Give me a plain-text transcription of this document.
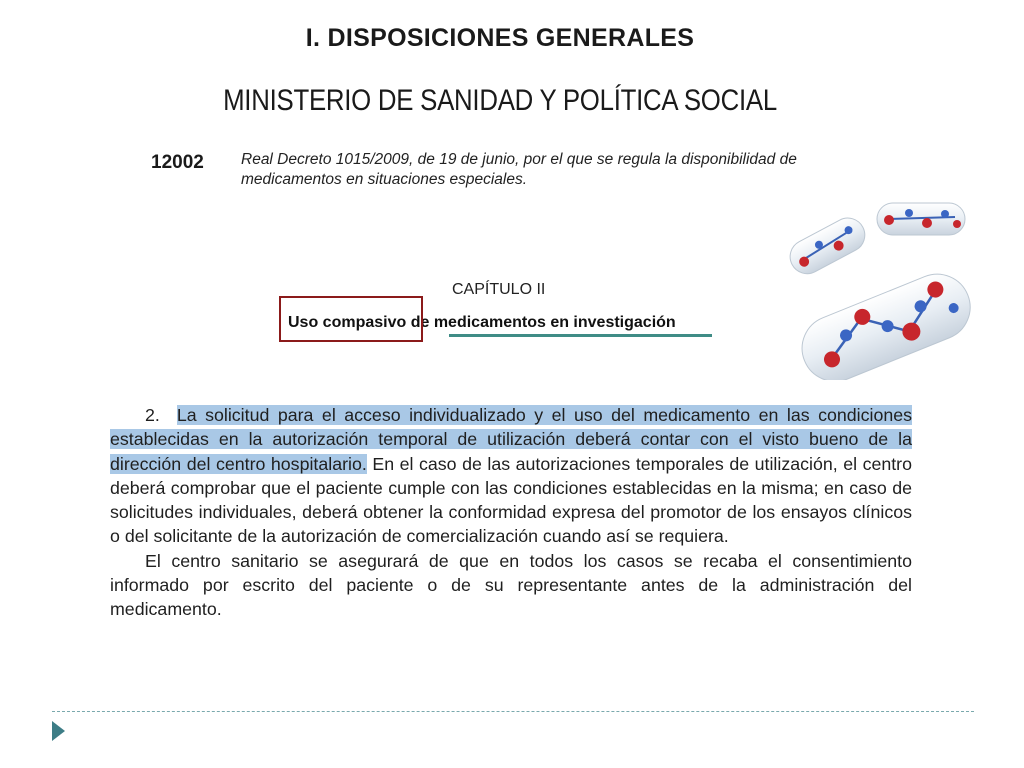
I. DISPOSICIONES GENERALES
MINISTERIO DE SANIDAD Y POLÍTICA SOCIAL
12002 Real Decreto 1015/2009, de 19 de junio, por el que se regula la disponibilidad de medicamentos en situaciones especiales.
CAPÍTULO II
Uso compasivo de medicamentos en investigación

2.  La solicitud para el acceso individualizado y el uso del medicamento en las condiciones establecidas en la autorización temporal de utilización deberá contar con el visto bueno de la dirección del centro hospitalario. En el caso de las autorizaciones temporales de utilización, el centro deberá comprobar que el paciente cumple con las condiciones establecidas en la misma; en caso de solicitudes individuales, deberá obtener la conformidad expresa del promotor de los ensayos clínicos o del solicitante de la autorización de comercialización cuando así se requiera.

El centro sanitario se asegurará de que en todos los casos se recaba el consentimiento informado por escrito del paciente o de su representante antes de la administración del medicamento.
